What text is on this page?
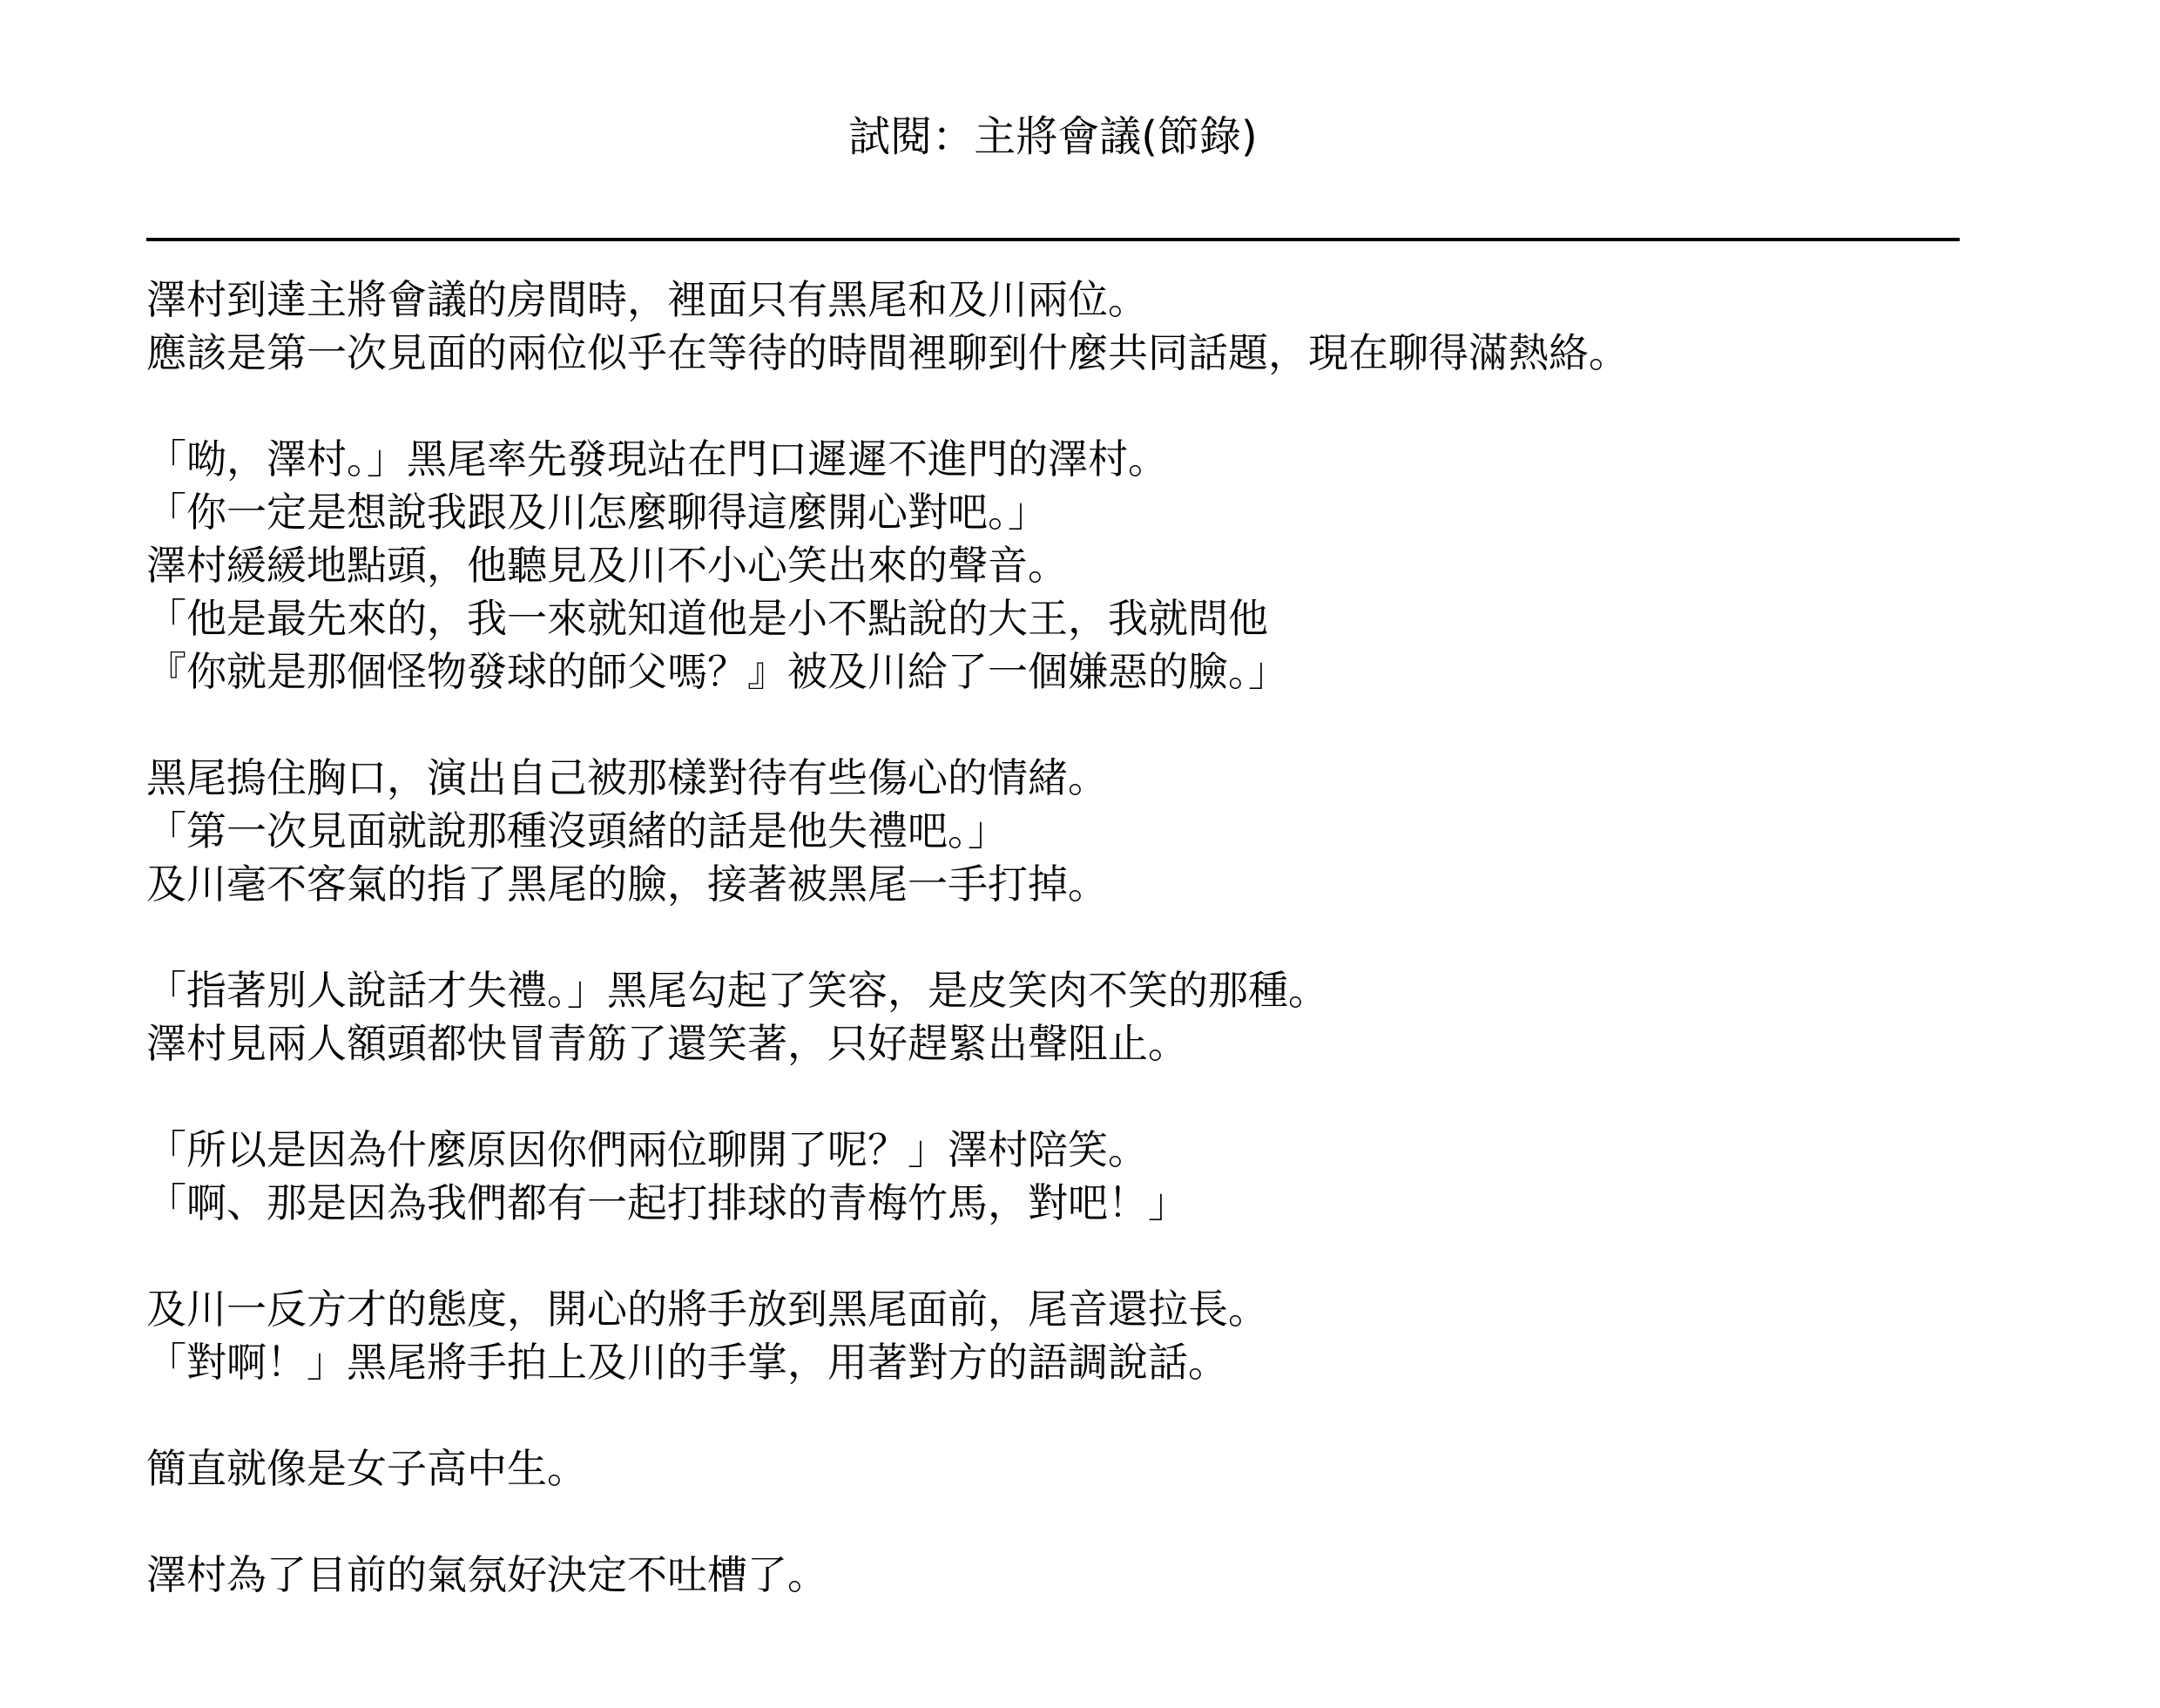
試閱：主將會議(節錄)
澤村到達主將會議的房間時，裡面只有黑尾和及川兩位。
應該是第一次見面的兩位似乎在等待的時間裡聊到什麼共同話題，現在聊得滿熱絡。
「呦，澤村。」黑尾率先發現站在門口遲遲不進門的澤村。
「你一定是想說我跟及川怎麼聊得這麼開心對吧。」
澤村緩緩地點頭，他聽見及川不小心笑出來的聲音。
「他是最先來的，我一來就知道他是小不點說的大王，我就問他
『你就是那個怪物發球的師父嗎？』被及川給了一個嫌惡的臉。」
黑尾摀住胸口，演出自己被那樣對待有些傷心的情緒。
「第一次見面就說那種沒頭緒的話是他失禮吧。」
及川毫不客氣的指了黑尾的臉，接著被黑尾一手打掉。
「指著別人說話才失禮。」黑尾勾起了笑容，是皮笑肉不笑的那種。
澤村見兩人額頭都快冒青筋了還笑著，只好趕緊出聲阻止。
「所以是因為什麼原因你們兩位聊開了呢？」澤村陪笑。
「啊、那是因為我們都有一起打排球的青梅竹馬，對吧！」
及川一反方才的態度，開心的將手放到黑尾面前，尾音還拉長。
「對啊！」黑尾將手拍上及川的手掌，用著對方的語調說話。
簡直就像是女子高中生。
澤村為了目前的氣氛好決定不吐槽了。
